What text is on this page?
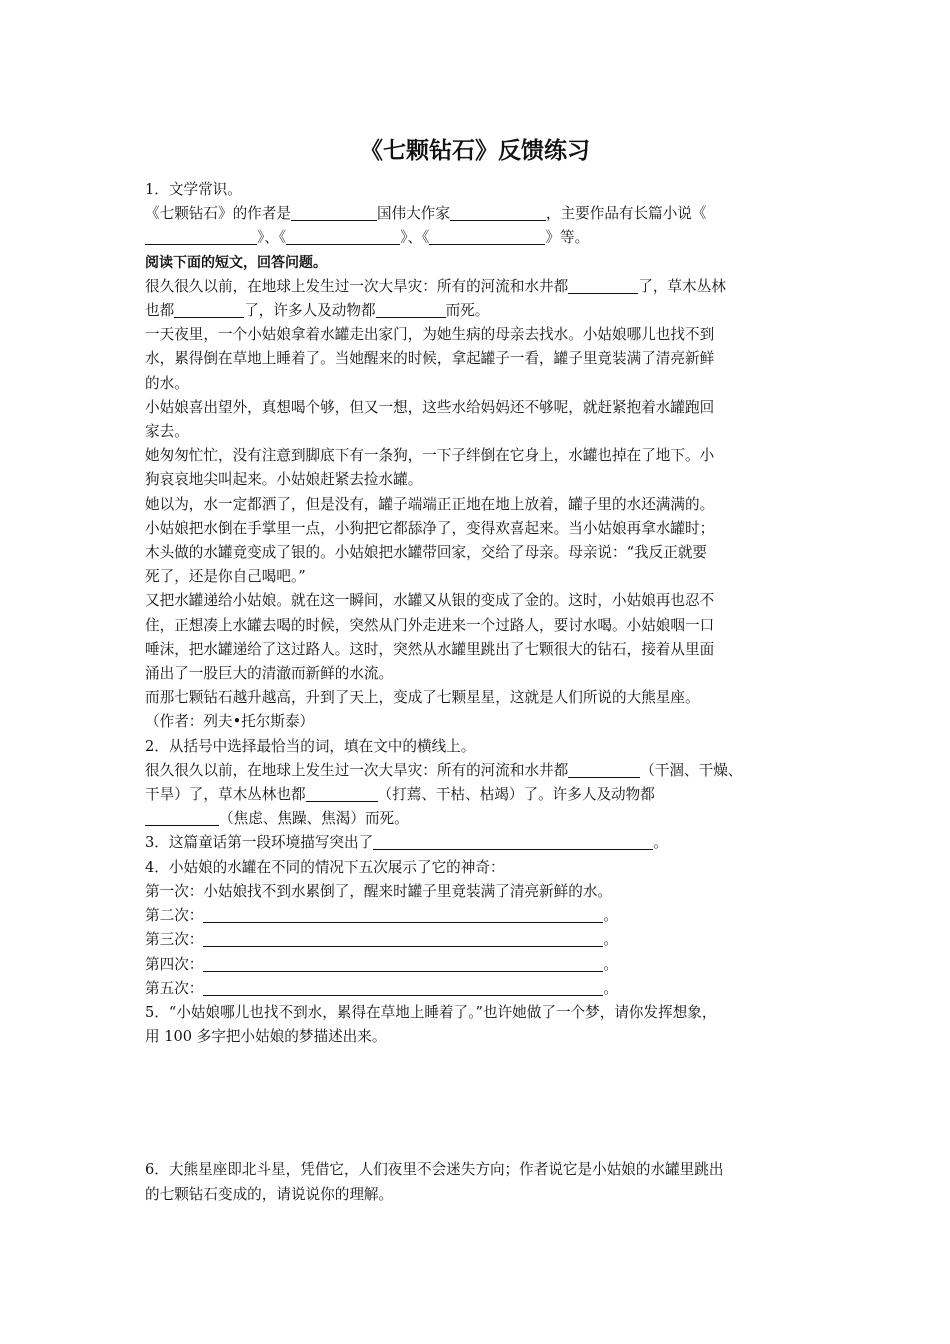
《七颗钻石》反馈练习

1．文学常识。

《七颗钻石》的作者是	国伟大作家	，主要作品有长篇小说《

》、《	》、《	》等。

阅读下面的短文，回答问题。

很久很久以前，在地球上发生过一次大旱灾：所有的河流和水井都	了，草木丛林

也都	了，许多人及动物都	而死。

一天夜里，一个小姑娘拿着水罐走出家门，为她生病的母亲去找水。小姑娘哪儿也找不到

水，累得倒在草地上睡着了。当她醒来的时候，拿起罐子一看，罐子里竟装满了清亮新鲜

的水。

小姑娘喜出望外，真想喝个够，但又一想，这些水给妈妈还不够呢，就赶紧抱着水罐跑回

家去。

她匆匆忙忙，没有注意到脚底下有一条狗，一下子绊倒在它身上，水罐也掉在了地下。小

狗哀哀地尖叫起来。小姑娘赶紧去捡水罐。

她以为，水一定都洒了，但是没有，罐子端端正正地在地上放着，罐子里的水还满满的。

小姑娘把水倒在手掌里一点，小狗把它都舔净了，变得欢喜起来。当小姑娘再拿水罐时；

木头做的水罐竟变成了银的。小姑娘把水罐带回家，交给了母亲。母亲说：“我反正就要

死了，还是你自己喝吧。”

又把水罐递给小姑娘。就在这一瞬间，水罐又从银的变成了金的。这时，小姑娘再也忍不

住，正想凑上水罐去喝的时候，突然从门外走进来一个过路人，要讨水喝。小姑娘咽一口

唾沫，把水罐递给了这过路人。这时，突然从水罐里跳出了七颗很大的钻石，接着从里面

涌出了一股巨大的清澈而新鲜的水流。

而那七颗钻石越升越高，升到了天上，变成了七颗星星，这就是人们所说的大熊星座。

（作者：列夫•托尔斯泰）

2．从括号中选择最恰当的词，填在文中的横线上。

很久很久以前，在地球上发生过一次大旱灾：所有的河流和水井都	（干涸、干燥、

干旱）了，草木丛林也都	（打蔫、干枯、枯竭）了。许多人及动物都

（焦虑、焦躁、焦渴）而死。

3．这篇童话第一段环境描写突出了	。

4．小姑娘的水罐在不同的情况下五次展示了它的神奇：

第一次：小姑娘找不到水累倒了，醒来时罐子里竟装满了清亮新鲜的水。

第二次：	。

第三次：	。

第四次：	。

第五次：	。

5．“小姑娘哪儿也找不到水，累得在草地上睡着了。”也许她做了一个梦，请你发挥想象，

用 100 多字把小姑娘的梦描述出来。

6．大熊星座即北斗星，凭借它，人们夜里不会迷失方向；作者说它是小姑娘的水罐里跳出

的七颗钻石变成的，请说说你的理解。
